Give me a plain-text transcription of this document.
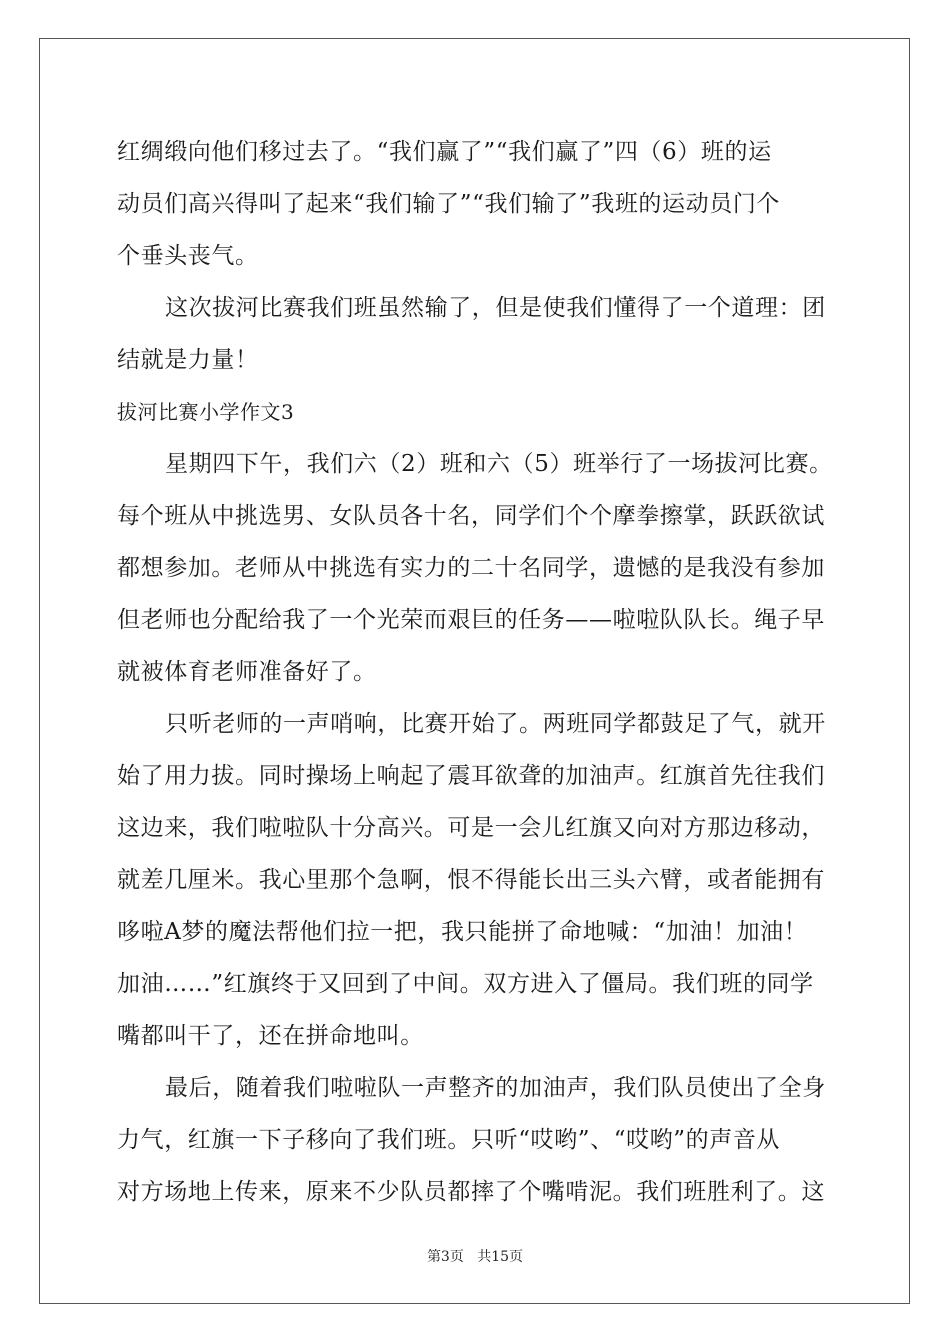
红绸缎向他们移过去了。“我们赢了”“我们赢了”四（6）班的运
动员们高兴得叫了起来“我们输了”“我们输了”我班的运动员门个
个垂头丧气。
这次拔河比赛我们班虽然输了，但是使我们懂得了一个道理：团
结就是力量！
拔河比赛小学作文3
星期四下午，我们六（2）班和六（5）班举行了一场拔河比赛。
每个班从中挑选男、女队员各十名，同学们个个摩拳擦掌，跃跃欲试
都想参加。老师从中挑选有实力的二十名同学，遗憾的是我没有参加
但老师也分配给我了一个光荣而艰巨的任务——啦啦队队长。绳子早
就被体育老师准备好了。
只听老师的一声哨响，比赛开始了。两班同学都鼓足了气，就开
始了用力拔。同时操场上响起了震耳欲聋的加油声。红旗首先往我们
这边来，我们啦啦队十分高兴。可是一会儿红旗又向对方那边移动，
就差几厘米。我心里那个急啊，恨不得能长出三头六臂，或者能拥有
哆啦A梦的魔法帮他们拉一把，我只能拼了命地喊：“加油！加油！
加油……”红旗终于又回到了中间。双方进入了僵局。我们班的同学
嘴都叫干了，还在拼命地叫。
最后，随着我们啦啦队一声整齐的加油声，我们队员使出了全身
力气，红旗一下子移向了我们班。只听“哎哟”、“哎哟”的声音从
对方场地上传来，原来不少队员都摔了个嘴啃泥。我们班胜利了。这
第3页 共15页
